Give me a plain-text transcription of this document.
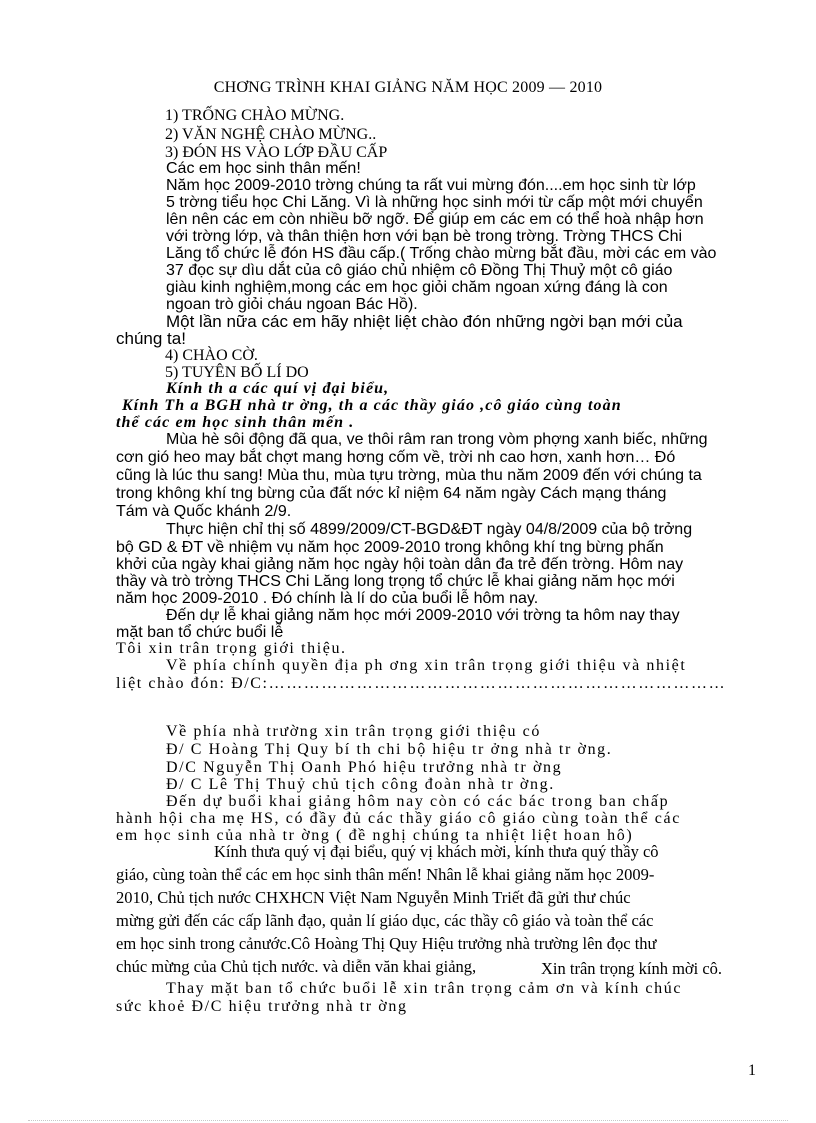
CHƠNG TRÌNH KHAI GIẢNG NĂM HỌC 2009 — 2010
1) TRỐNG CHÀO MỪNG.
2) VĂN NGHỆ CHÀO MỪNG..
3) ĐÓN HS VÀO LỚP ĐẦU CẤP
Các em học sinh thân mến!
Năm học 2009-2010 trờng chúng ta rất vui mừng đón....em học sinh từ lớp
5 trờng tiểu học Chi Lăng. Vì là những học sinh mới từ cấp một mới chuyển
lên nên các em còn nhiều bỡ ngỡ. Để giúp em các em có thể hoà nhập hơn
với trờng lớp, và thân thiện hơn với bạn bè trong trờng. Trờng THCS Chi
Lăng tổ chức lễ đón HS đầu cấp.( Trống chào mừng bắt đầu, mời các em vào
37 đọc sự dìu dắt của cô giáo chủ nhiệm cô Đồng Thị Thuỷ một cô giáo
giàu kinh nghiệm,mong các em học giỏi chăm ngoan xứng đáng là con
ngoan trò giỏi cháu ngoan Bác Hồ).
Một lần nữa các em hãy nhiệt liệt chào đón những ngời bạn mới của
chúng ta!
4) CHÀO CỜ.
5) TUYÊN BỐ LÍ DO
Kính th a các quí vị đại biểu,
Kính Th a BGH nhà tr ờng, th a các thầy giáo ,cô giáo cùng toàn
thể các em học sinh thân mến .
Mùa hè sôi động đã qua, ve thôi râm ran trong vòm phợng xanh biếc, những
cơn gió heo may bắt chợt mang hơng cốm về, trời nh cao hơn, xanh hơn… Đó
cũng là lúc thu sang! Mùa thu, mùa tựu trờng, mùa thu năm 2009 đến với chúng ta
trong không khí tng bừng của đất nớc kỉ niệm 64 năm ngày Cách mạng tháng
Tám và Quốc khánh 2/9.
Thực hiện chỉ thị số 4899/2009/CT-BGD&ĐT ngày 04/8/2009 của bộ trởng
bộ GD & ĐT về nhiệm vụ năm học 2009-2010 trong không khí tng bừng phấn
khởi của ngày khai giảng năm học ngày hội toàn dân đa trẻ đến trờng. Hôm nay
thầy và trò trờng THCS Chi Lăng long trọng tổ chức lễ khai giảng năm học mới
năm học 2009-2010 . Đó chính là lí do của buổi lễ hôm nay.
Đến dự lễ khai giảng năm học mới 2009-2010 với trờng ta hôm nay thay
mặt ban tổ chức buổi lễ
Tôi xin trân trọng giới thiệu.
Về phía chính quyền địa ph ơng xin trân trọng giới thiệu và nhiệt
liệt chào đón: Đ/C:……………………………………………………………………
Về phía nhà trường xin trân trọng giới thiệu có
Đ/ C Hoàng Thị Quy bí th chi bộ hiệu tr ởng nhà tr ờng.
D/C Nguyễn Thị Oanh Phó hiệu trưởng nhà tr ờng
Đ/ C Lê Thị Thuỷ chủ tịch công đoàn nhà tr ờng.
Đến dự buổi khai giảng hôm nay còn có các bác trong ban chấp
hành hội cha mẹ HS, có đầy đủ các thầy giáo cô giáo cùng toàn thể các
em học sinh của nhà tr ờng ( đề nghị chúng ta nhiệt liệt hoan hô)
Kính thưa quý vị đại biểu, quý vị khách mời, kính thưa quý thầy cô
giáo, cùng toàn thể các em học sinh thân mến! Nhân lễ khai giảng năm học 2009-
2010, Chủ tịch nước CHXHCN Việt Nam Nguyễn Minh Triết đã gửi thư chúc
mừng gửi đến các cấp lãnh đạo, quản lí giáo dục, các thầy cô giáo và toàn thể các
em học sinh trong cảnước.Cô Hoàng Thị Quy Hiệu trưởng nhà trường lên đọc thư
chúc mừng của Chủ tịch nước. và diễn văn khai giảng,	Xin trân trọng kính mời cô.
Thay mặt ban tổ chức buổi lễ xin trân trọng cảm ơn và kính chúc
sức khoẻ Đ/C hiệu trưởng nhà tr ờng
1
